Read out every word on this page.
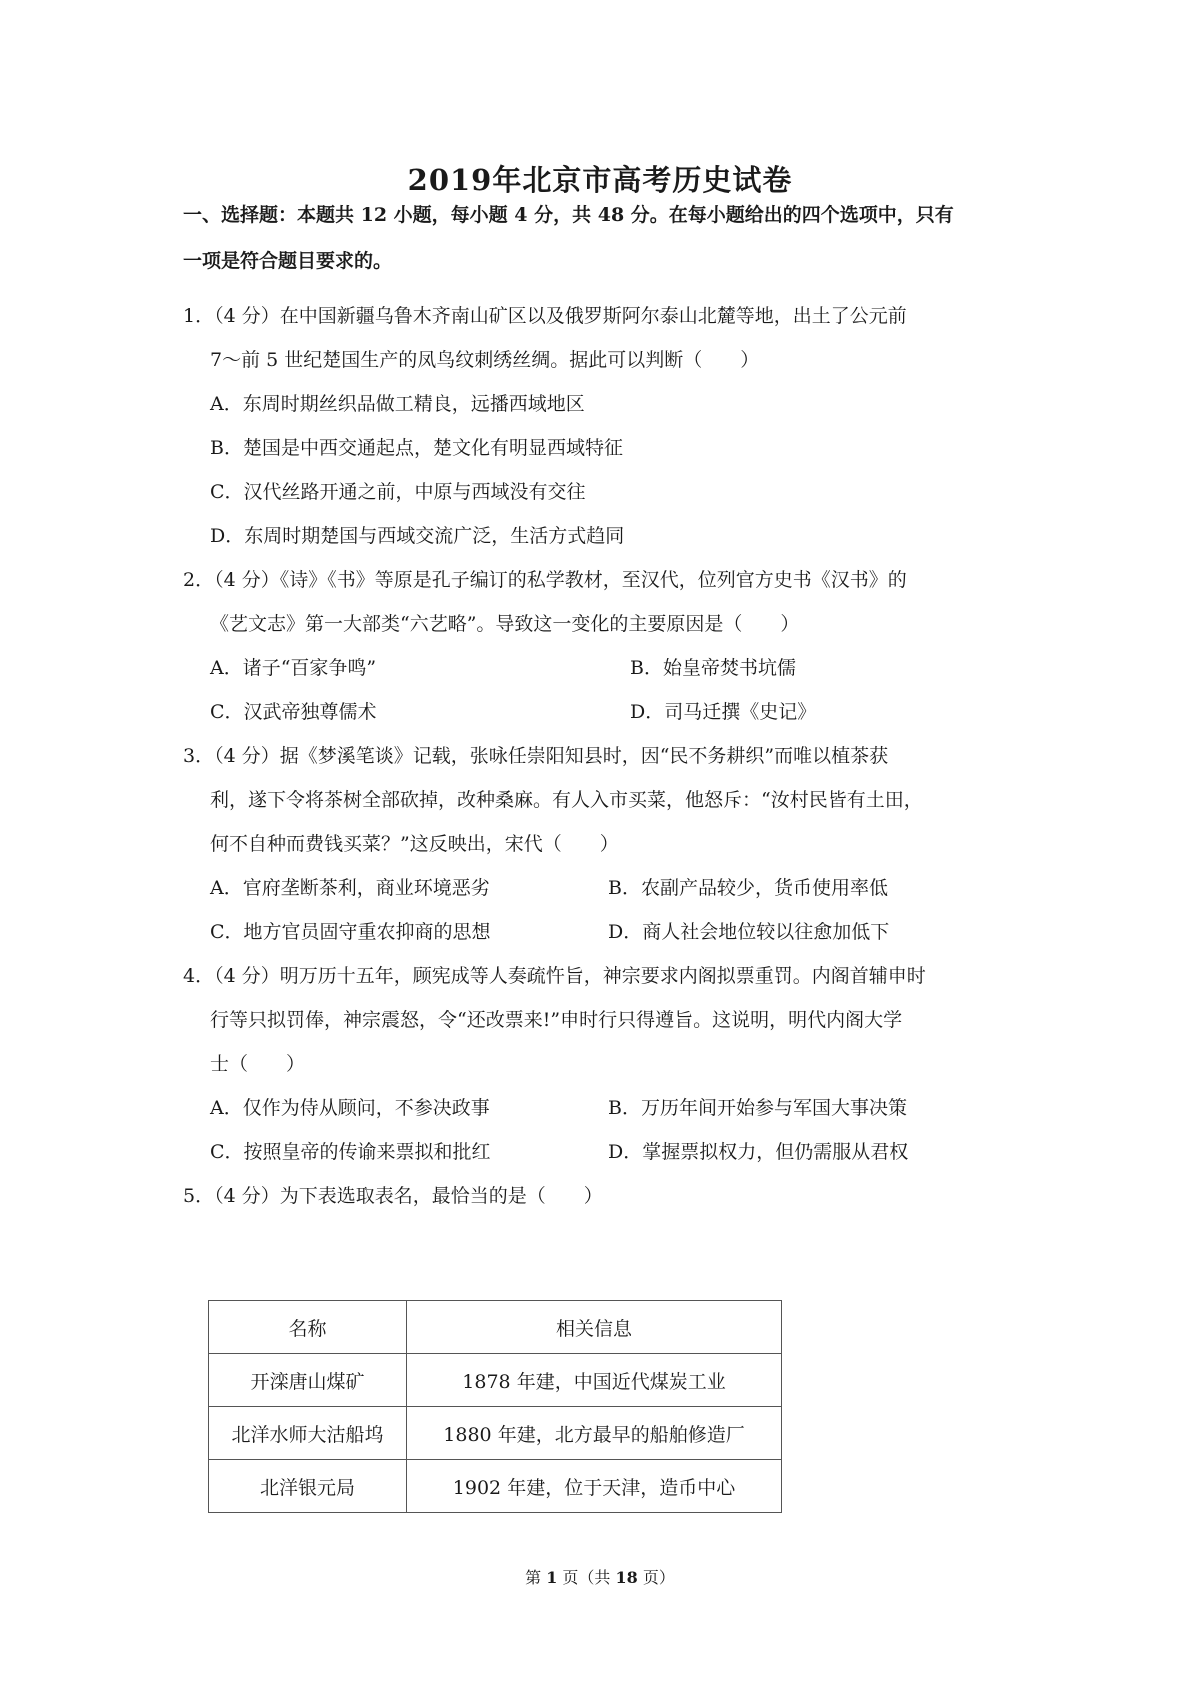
2019年北京市高考历史试卷
一、选择题：本题共 12 小题，每小题 4 分，共 48 分。在每小题给出的四个选项中，只有
一项是符合题目要求的。
1．（4 分）在中国新疆乌鲁木齐南山矿区以及俄罗斯阿尔泰山北麓等地，出土了公元前
7～前 5 世纪楚国生产的凤鸟纹刺绣丝绸。据此可以判断（　　）
A．东周时期丝织品做工精良，远播西域地区
B．楚国是中西交通起点，楚文化有明显西域特征
C．汉代丝路开通之前，中原与西域没有交往
D．东周时期楚国与西域交流广泛，生活方式趋同
2．（4 分）《诗》《书》等原是孔子编订的私学教材，至汉代，位列官方史书《汉书》的
《艺文志》第一大部类“六艺略”。导致这一变化的主要原因是（　　）
A．诸子“百家争鸣”	B．始皇帝焚书坑儒
C．汉武帝独尊儒术	D．司马迁撰《史记》
3．（4 分）据《梦溪笔谈》记载，张咏任崇阳知县时，因“民不务耕织”而唯以植茶获
利，遂下令将茶树全部砍掉，改种桑麻。有人入市买菜，他怒斥：“汝村民皆有土田，
何不自种而费钱买菜？”这反映出，宋代（　　）
A．官府垄断茶利，商业环境恶劣	B．农副产品较少，货币使用率低
C．地方官员固守重农抑商的思想	D．商人社会地位较以往愈加低下
4．（4 分）明万历十五年，顾宪成等人奏疏忤旨，神宗要求内阁拟票重罚。内阁首辅申时
行等只拟罚俸，神宗震怒，令“还改票来!”申时行只得遵旨。这说明，明代内阁大学
士（　　）
A．仅作为侍从顾问，不参决政事	B．万历年间开始参与军国大事决策
C．按照皇帝的传谕来票拟和批红	D．掌握票拟权力，但仍需服从君权
5．（4 分）为下表选取表名，最恰当的是（　　）
名称	相关信息
开滦唐山煤矿	1878 年建，中国近代煤炭工业
北洋水师大沽船坞	1880 年建，北方最早的船舶修造厂
北洋银元局	1902 年建，位于天津，造币中心
第 1 页（共 18 页）
